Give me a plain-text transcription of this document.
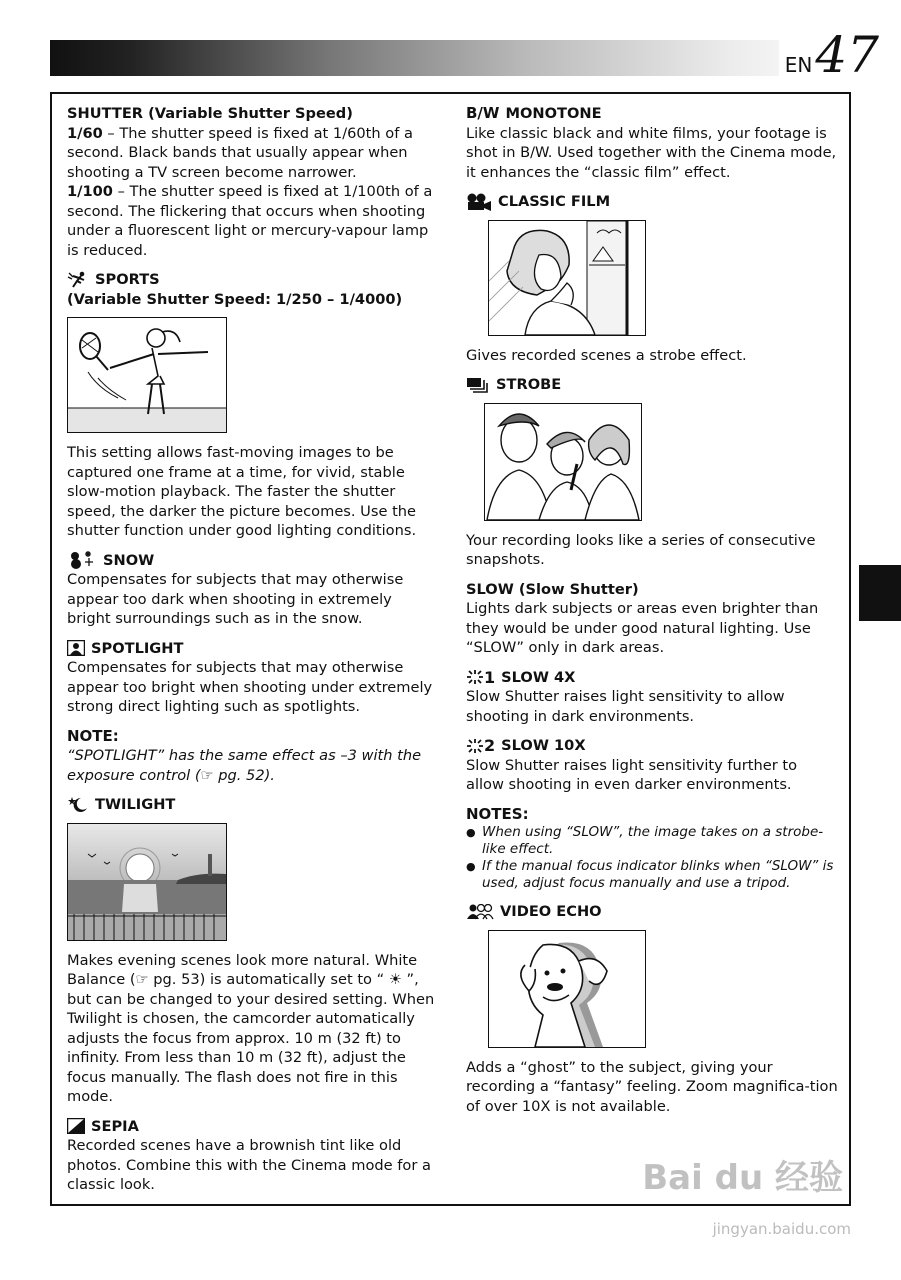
EN 47
SHUTTER (Variable Shutter Speed)

1/60 – The shutter speed is fixed at 1/60th of a second. Black bands that usually appear when shooting a TV screen become narrower.

1/100 – The shutter speed is fixed at 1/100th of a second. The flickering that occurs when shooting under a fluorescent light or mercury-vapour lamp is reduced.

SPORTS
(Variable Shutter Speed: 1/250 – 1/4000)

This setting allows fast-moving images to be captured one frame at a time, for vivid, stable slow-motion playback. The faster the shutter speed, the darker the picture becomes. Use the shutter function under good lighting conditions.

SNOW

Compensates for subjects that may otherwise appear too dark when shooting in extremely bright surroundings such as in the snow.

SPOTLIGHT

Compensates for subjects that may otherwise appear too bright when shooting under extremely strong direct lighting such as spotlights.

NOTE:

“SPOTLIGHT” has the same effect as –3 with the exposure control (☞ pg. 52).

TWILIGHT

Makes evening scenes look more natural. White Balance (☞ pg. 53) is automatically set to “ ☀ ”, but can be changed to your desired setting. When Twilight is chosen, the camcorder automatically adjusts the focus from approx. 10 m (32 ft) to infinity. From less than 10 m (32 ft), adjust the focus manually. The flash does not fire in this mode.

SEPIA

Recorded scenes have a brownish tint like old photos. Combine this with the Cinema mode for a classic look.

B/W MONOTONE

Like classic black and white films, your footage is shot in B/W. Used together with the Cinema mode, it enhances the “classic film” effect.

CLASSIC FILM

Gives recorded scenes a strobe effect.

STROBE

Your recording looks like a series of consecutive snapshots.

SLOW (Slow Shutter)

Lights dark subjects or areas even brighter than they would be under good natural lighting. Use “SLOW” only in dark areas.

1 SLOW 4X

Slow Shutter raises light sensitivity to allow shooting in dark environments.

2 SLOW 10X

Slow Shutter raises light sensitivity further to allow shooting in even darker environments.

NOTES:
● When using “SLOW”, the image takes on a strobe-like effect.
● If the manual focus indicator blinks when “SLOW” is used, adjust focus manually and use a tripod.
VIDEO ECHO

Adds a “ghost” to the subject, giving your recording a “fantasy” feeling. Zoom magnifica-tion of over 10X is not available.

Bai du 经验
jingyan.baidu.com
